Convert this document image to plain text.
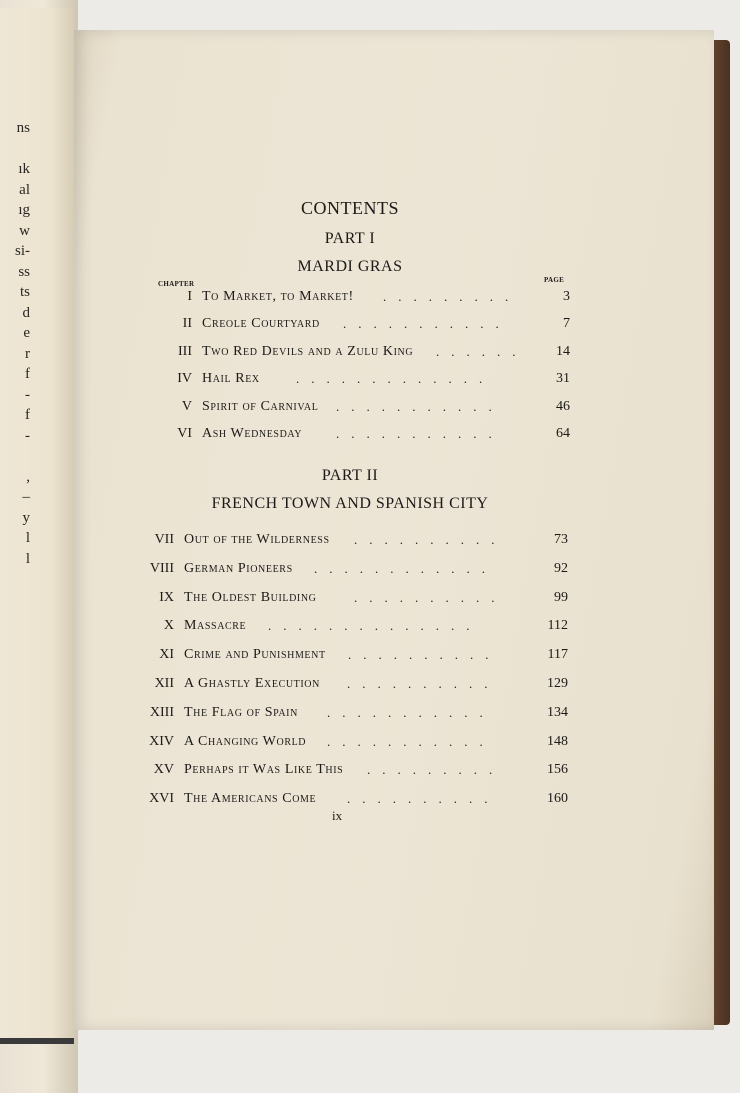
ns
ık
al
ıg
w
si-
ss
ts
d
e
r
f
-
f
-
,
–
y
l
l
CONTENTS
PART I
MARDI GRAS
CHAPTER	PAGE
I To Market, to Market! .........	3
II Creole Courtyard ...........	7
III Two Red Devils and a Zulu King ...... 14
IV Hail Rex	.............	31
V Spirit of Carnival ...........	46
VI Ash Wednesday	...........	64
PART II
FRENCH TOWN AND SPANISH CITY
VII Out of the Wilderness ..........	73
VIII German Pioneers ............	92
IX The Oldest Building	..........	99
X Massacre ..............	112
XI Crime and Punishment ..........	117
XII A Ghastly Execution ..........	129
XIII The Flag of Spain ...........	134
XIV A Changing World ...........	148
XV Perhaps it Was Like This .........	156
XVI The Americans Come ..........	160
ix
